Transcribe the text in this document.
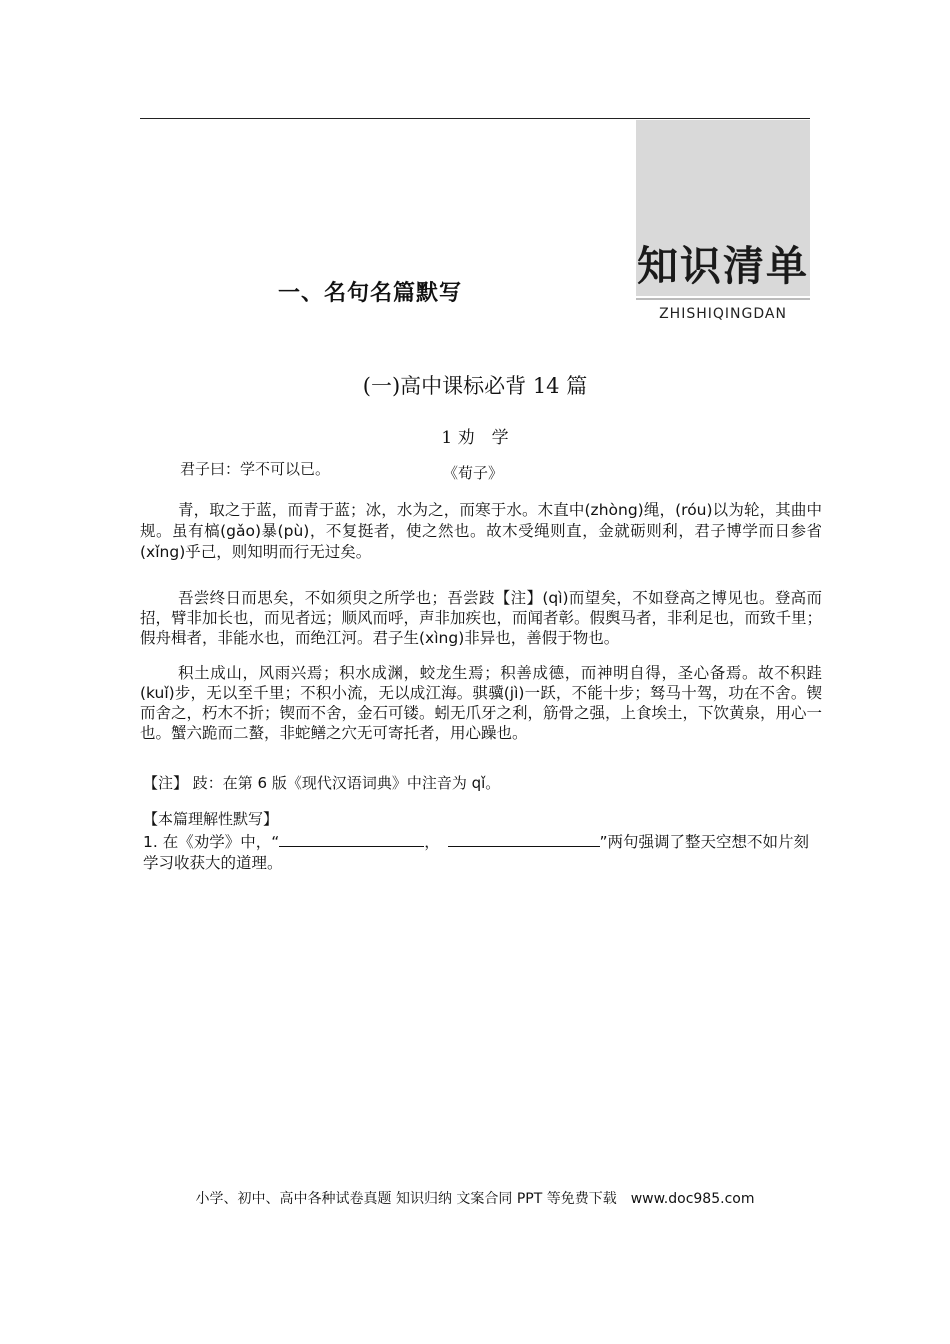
知识清单
ZHISHIQINGDAN
一、名句名篇默写
(一)高中课标必背 14 篇
1 劝　学
君子曰：学不可以已。	《荀子》
青，取之于蓝，而青于蓝；冰，水为之，而寒于水。木直中(zhòng)绳，(róu)以为轮，其曲中规。虽有槁(gǎo)暴(pù)，不复挺者，使之然也。故木受绳则直，金就砺则利，君子博学而日参省(xǐng)乎己，则知明而行无过矣。
吾尝终日而思矣，不如须臾之所学也；吾尝跂【注】(qì)而望矣，不如登高之博见也。登高而招，臂非加长也，而见者远；顺风而呼，声非加疾也，而闻者彰。假舆马者，非利足也，而致千里；假舟楫者，非能水也，而绝江河。君子生(xìng)非异也，善假于物也。
积土成山，风雨兴焉；积水成渊，蛟龙生焉；积善成德，而神明自得，圣心备焉。故不积跬(kuǐ)步，无以至千里；不积小流，无以成江海。骐骥(jì)一跃，不能十步；驽马十驾，功在不舍。锲而舍之，朽木不折；锲而不舍，金石可镂。蚓无爪牙之利，筋骨之强，上食埃土，下饮黄泉，用心一也。蟹六跪而二螯，非蛇鳝之穴无可寄托者，用心躁也。
【注】 跂：在第 6 版《现代汉语词典》中注音为 qǐ。
【本篇理解性默写】
1. 在《劝学》中，“	，　	”两句强调了整天空想不如片刻学习收获大的道理。
小学、初中、高中各种试卷真题 知识归纳 文案合同 PPT 等免费下载　www.doc985.com
